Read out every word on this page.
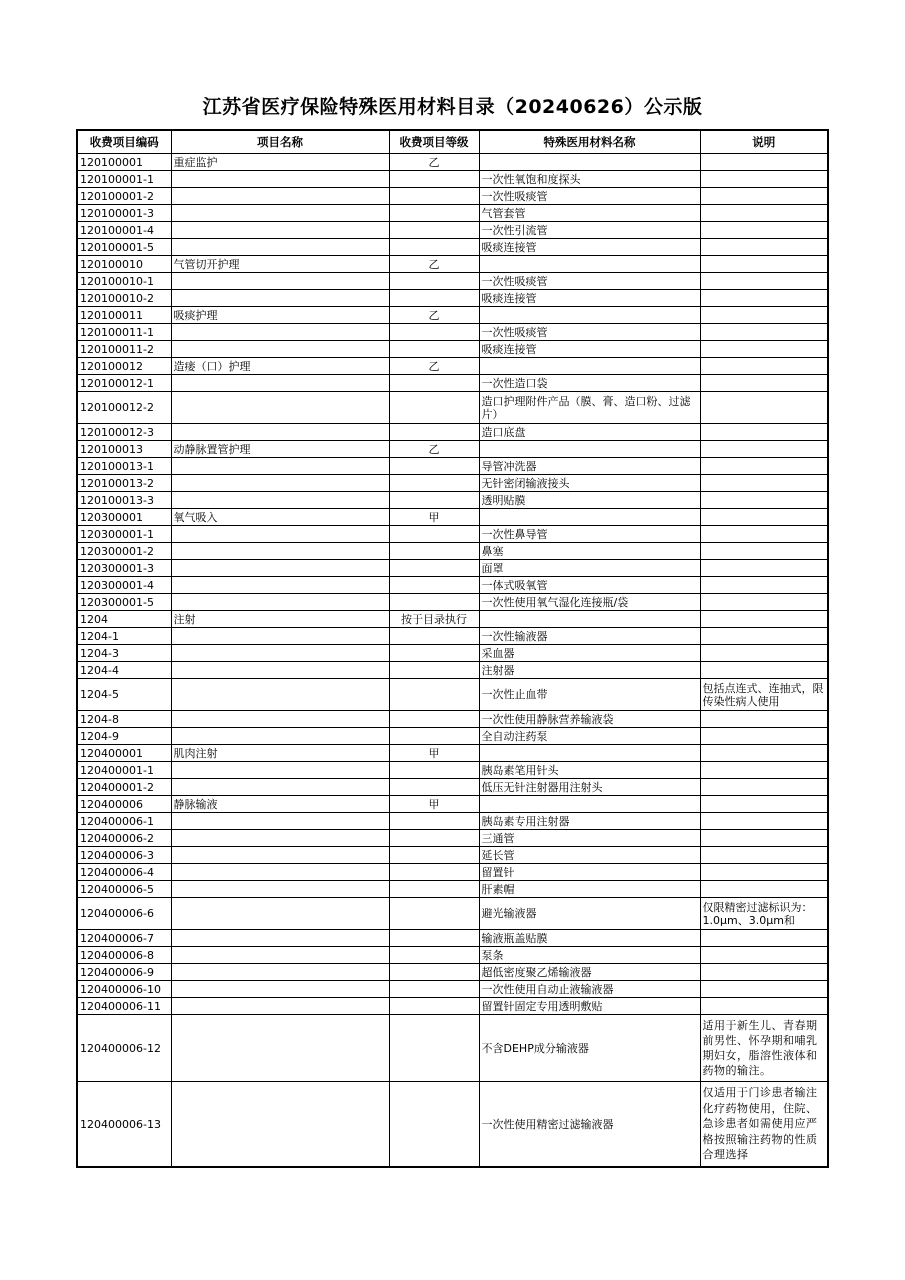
江苏省医疗保险特殊医用材料目录（20240626）公示版
收费项目编码	项目名称	收费项目等级	特殊医用材料名称	说明
120100001	重症监护	乙		
120100001-1			一次性氧饱和度探头	
120100001-2			一次性吸痰管	
120100001-3			气管套管	
120100001-4			一次性引流管	
120100001-5			吸痰连接管	
120100010	气管切开护理	乙		
120100010-1			一次性吸痰管	
120100010-2			吸痰连接管	
120100011	吸痰护理	乙		
120100011-1			一次性吸痰管	
120100011-2			吸痰连接管	
120100012	造瘘（口）护理	乙		
120100012-1			一次性造口袋	
120100012-2			造口护理附件产品（膜、膏、造口粉、过滤片）	

120100012-3			造口底盘	
120100013	动静脉置管护理	乙		
120100013-1			导管冲洗器	
120100013-2			无针密闭输液接头	
120100013-3			透明贴膜	
120300001	氧气吸入	甲		
120300001-1			一次性鼻导管	
120300001-2			鼻塞	
120300001-3			面罩	
120300001-4			一体式吸氧管	
120300001-5			一次性使用氧气湿化连接瓶/袋	
1204	注射	按于目录执行		
1204-1			一次性输液器	
1204-3			采血器	
1204-4			注射器	
1204-5			一次性止血带	包括点连式、连抽式，限传染性病人使用

1204-8			一次性使用静脉营养输液袋	
1204-9			全自动注药泵	
120400001	肌肉注射	甲		
120400001-1			胰岛素笔用针头	
120400001-2			低压无针注射器用注射头	
120400006	静脉输液	甲		
120400006-1			胰岛素专用注射器	
120400006-2			三通管	
120400006-3			延长管	
120400006-4			留置针	
120400006-5			肝素帽	
120400006-6			避光输液器	仅限精密过滤标识为：1.0μm、3.0μm和

120400006-7			输液瓶盖贴膜	
120400006-8			泵条	
120400006-9			超低密度聚乙烯输液器	
120400006-10			一次性使用自动止液输液器	
120400006-11			留置针固定专用透明敷贴	
120400006-12			不含DEHP成分输液器	适用于新生儿、青春期前男性、怀孕期和哺乳期妇女，脂溶性液体和药物的输注。

120400006-13			一次性使用精密过滤输液器	仅适用于门诊患者输注化疗药物使用，住院、急诊患者如需使用应严格按照输注药物的性质合理选择
